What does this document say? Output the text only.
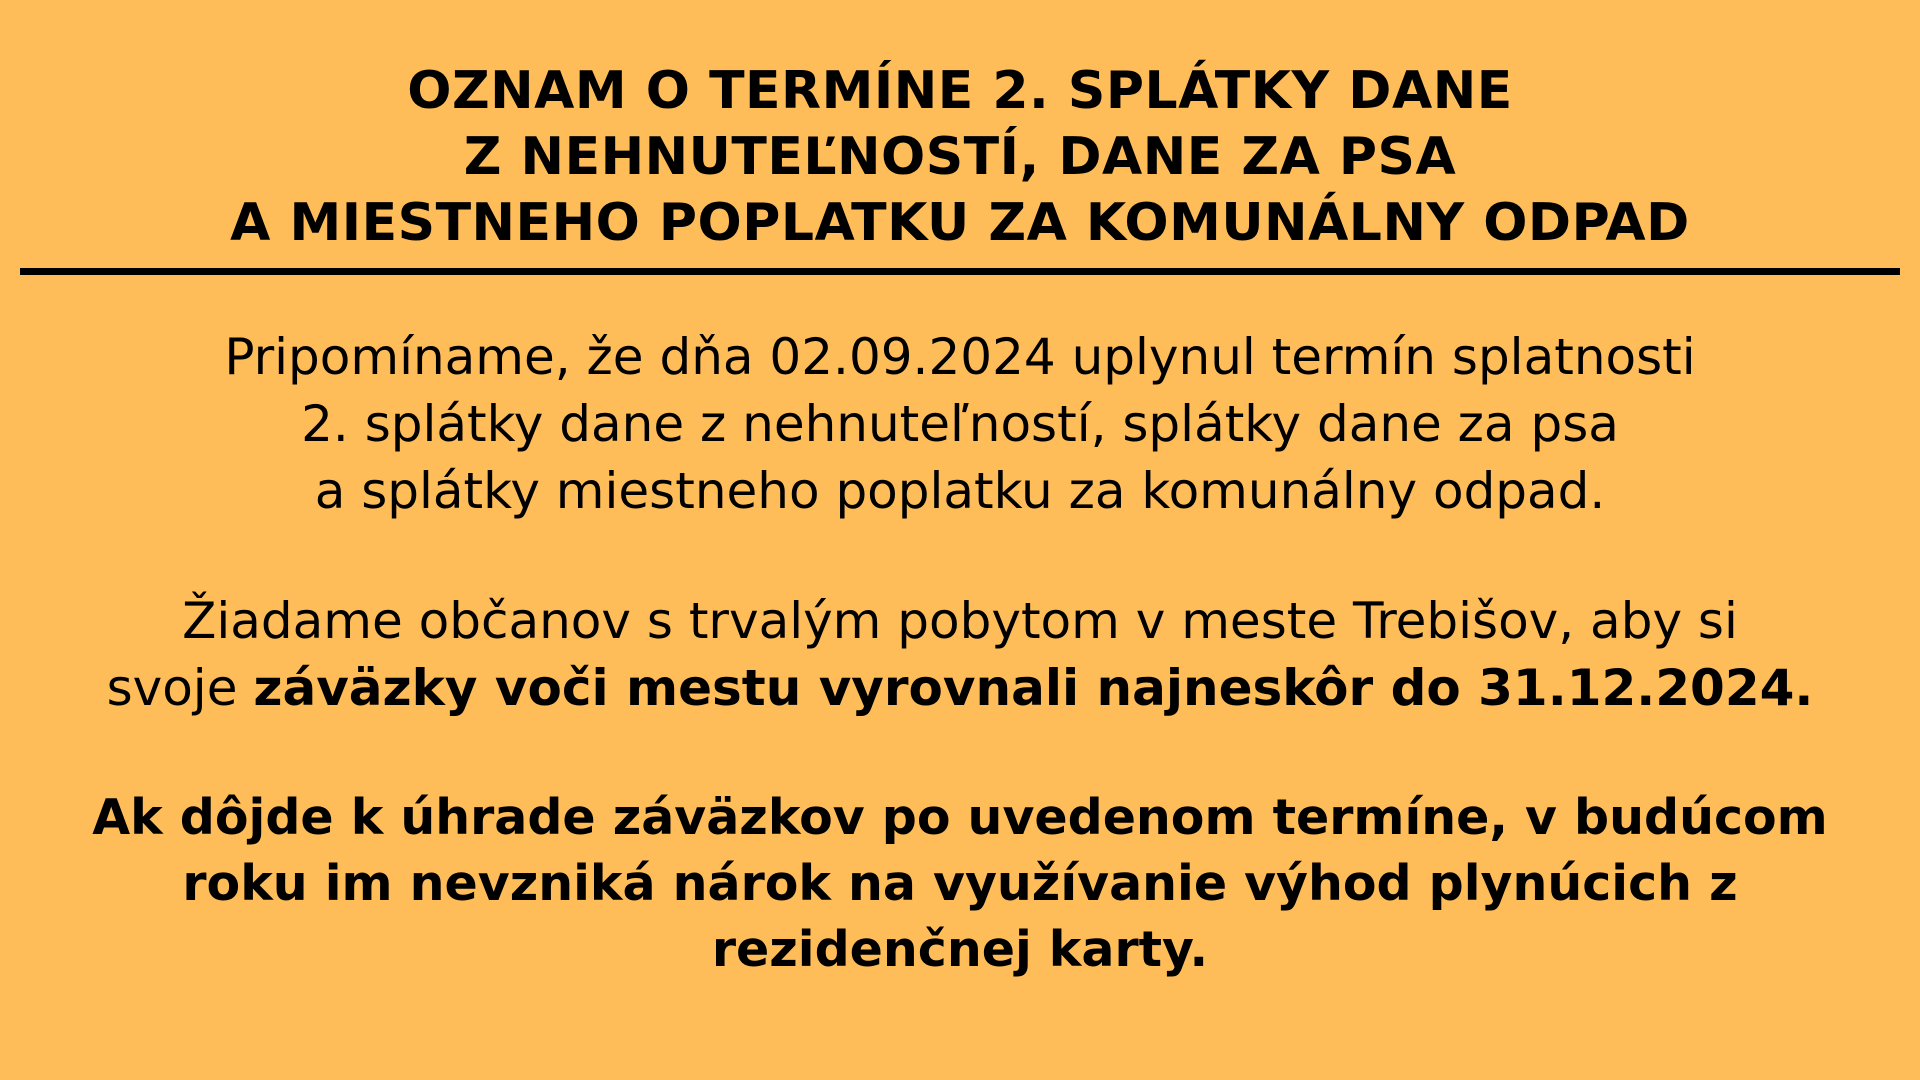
OZNAM O TERMÍNE 2. SPLÁTKY DANE
Z NEHNUTEĽNOSTÍ, DANE ZA PSA
A MIESTNEHO POPLATKU ZA KOMUNÁLNY ODPAD
Pripomíname, že dňa 02.09.2024 uplynul termín splatnosti
2. splátky dane z nehnuteľností, splátky dane za psa
a splátky miestneho poplatku za komunálny odpad.
Žiadame občanov s trvalým pobytom v meste Trebišov, aby si
svoje záväzky voči mestu vyrovnali najneskôr do 31.12.2024.
Ak dôjde k úhrade záväzkov po uvedenom termíne, v budúcom
roku im nevzniká nárok na využívanie výhod plynúcich z
rezidenčnej karty.
